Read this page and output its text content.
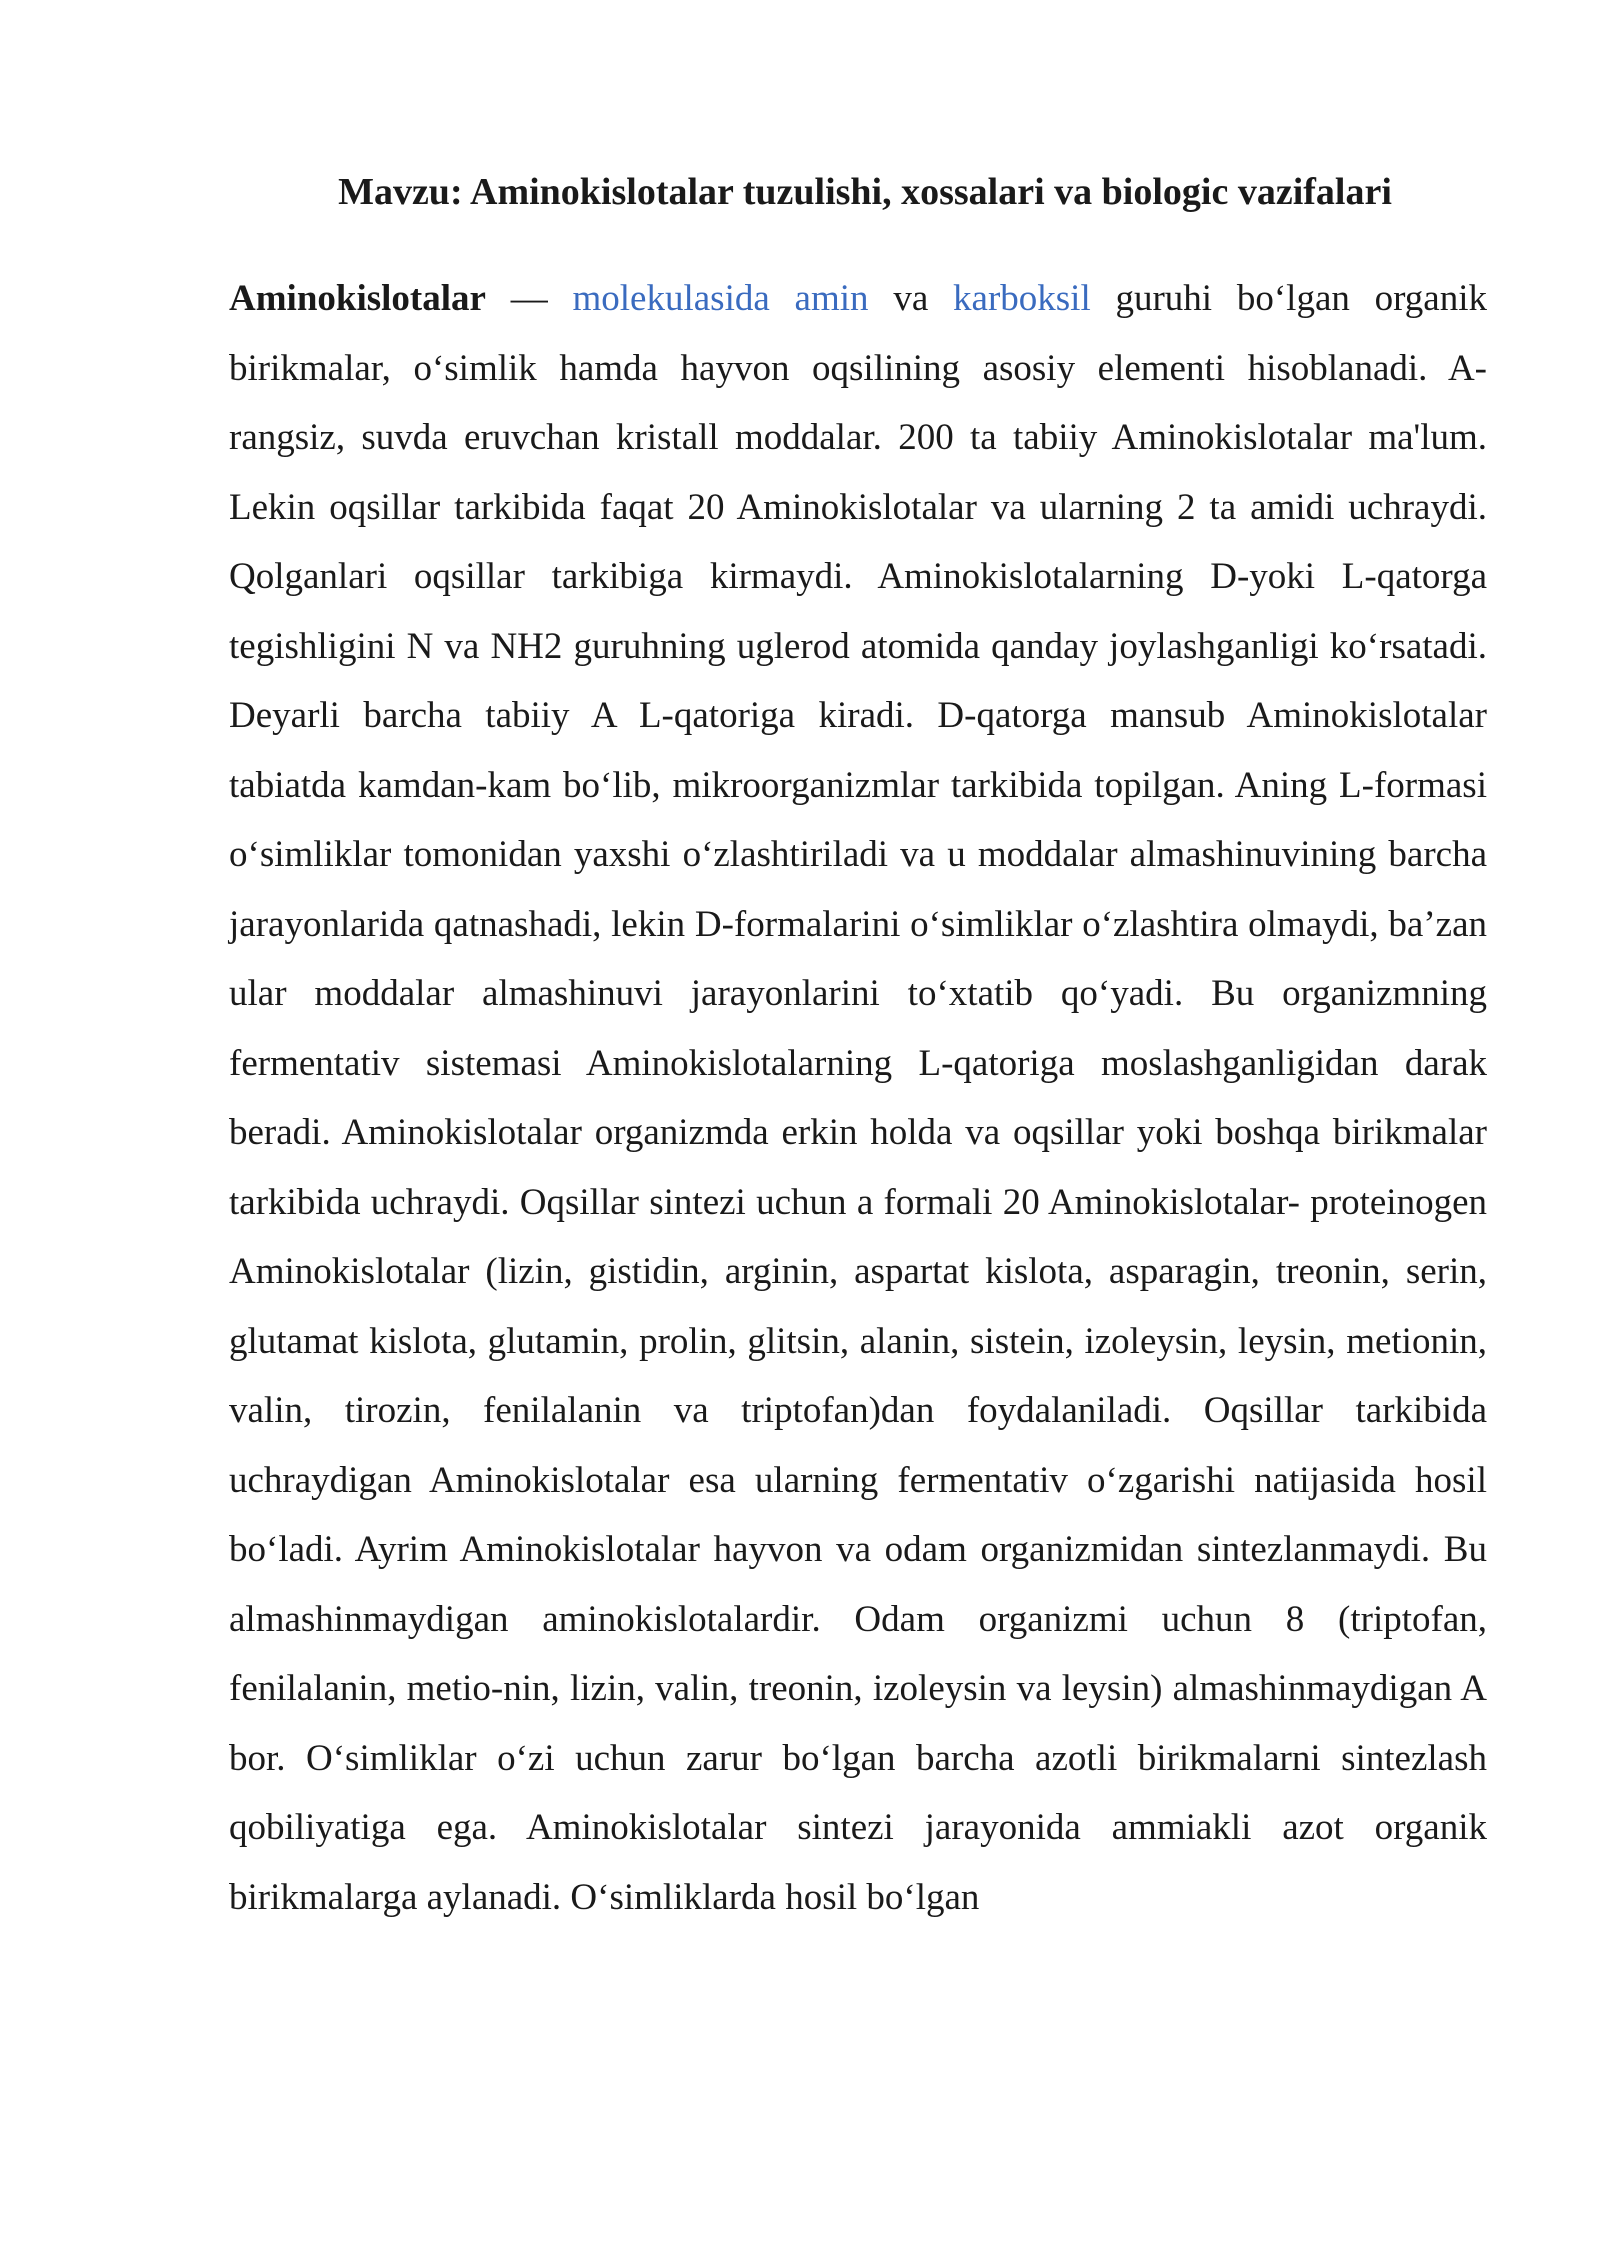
Mavzu: Aminokislotalar tuzulishi, xossalari va biologic vazifalari

Aminokislotalar — molekulasida amin va karboksil guruhi bo‘lgan organik birikmalar, o‘simlik hamda hayvon oqsilining asosiy elementi hisoblanadi. A-rangsiz, suvda eruvchan kristall moddalar. 200 ta tabiiy Aminokislotalar ma'lum. Lekin oqsillar tarkibida faqat 20 Aminokislotalar va ularning 2 ta amidi uchraydi. Qolganlari oqsillar tarkibiga kirmaydi. Aminokislotalarning D-yoki L-qatorga tegishligini N va NH2 guruhning uglerod atomida qanday joylashganligi ko‘rsatadi. Deyarli barcha tabiiy A L-qatoriga kiradi. D-qatorga mansub Aminokislotalar tabiatda kamdan-kam bo‘lib, mikroorganizmlar tarkibida topilgan. Aning L-formasi o‘simliklar tomonidan yaxshi o‘zlashtiriladi va u moddalar almashinuvining barcha jarayonlarida qatnashadi, lekin D-formalarini o‘simliklar o‘zlashtira olmaydi, ba’zan ular moddalar almashinuvi jarayonlarini to‘xtatib qo‘yadi. Bu organizmning fermentativ sistemasi Aminokislotalarning L-qatoriga moslashganligidan darak beradi. Aminokislotalar organizmda erkin holda va oqsillar yoki boshqa birikmalar tarkibida uchraydi. Oqsillar sintezi uchun a formali 20 Aminokislotalar- proteinogen Aminokislotalar (lizin, gistidin, arginin, aspartat kislota, asparagin, treonin, serin, glutamat kislota, glutamin, prolin, glitsin, alanin, sistein, izoleysin, leysin, metionin, valin, tirozin, fenilalanin va triptofan)dan foydalaniladi. Oqsillar tarkibida uchraydigan Aminokislotalar esa ularning fermentativ o‘zgarishi natijasida hosil bo‘ladi. Ayrim Aminokislotalar hayvon va odam organizmidan sintezlanmaydi. Bu almashinmaydigan aminokislotalardir. Odam organizmi uchun 8 (triptofan, fenilalanin, metio-nin, lizin, valin, treonin, izoleysin va leysin) almashinmaydigan A bor. O‘simliklar o‘zi uchun zarur bo‘lgan barcha azotli birikmalarni sintezlash qobiliyatiga ega. Aminokislotalar sintezi jarayonida ammiakli azot organik birikmalarga aylanadi. O‘simliklarda hosil bo‘lgan
